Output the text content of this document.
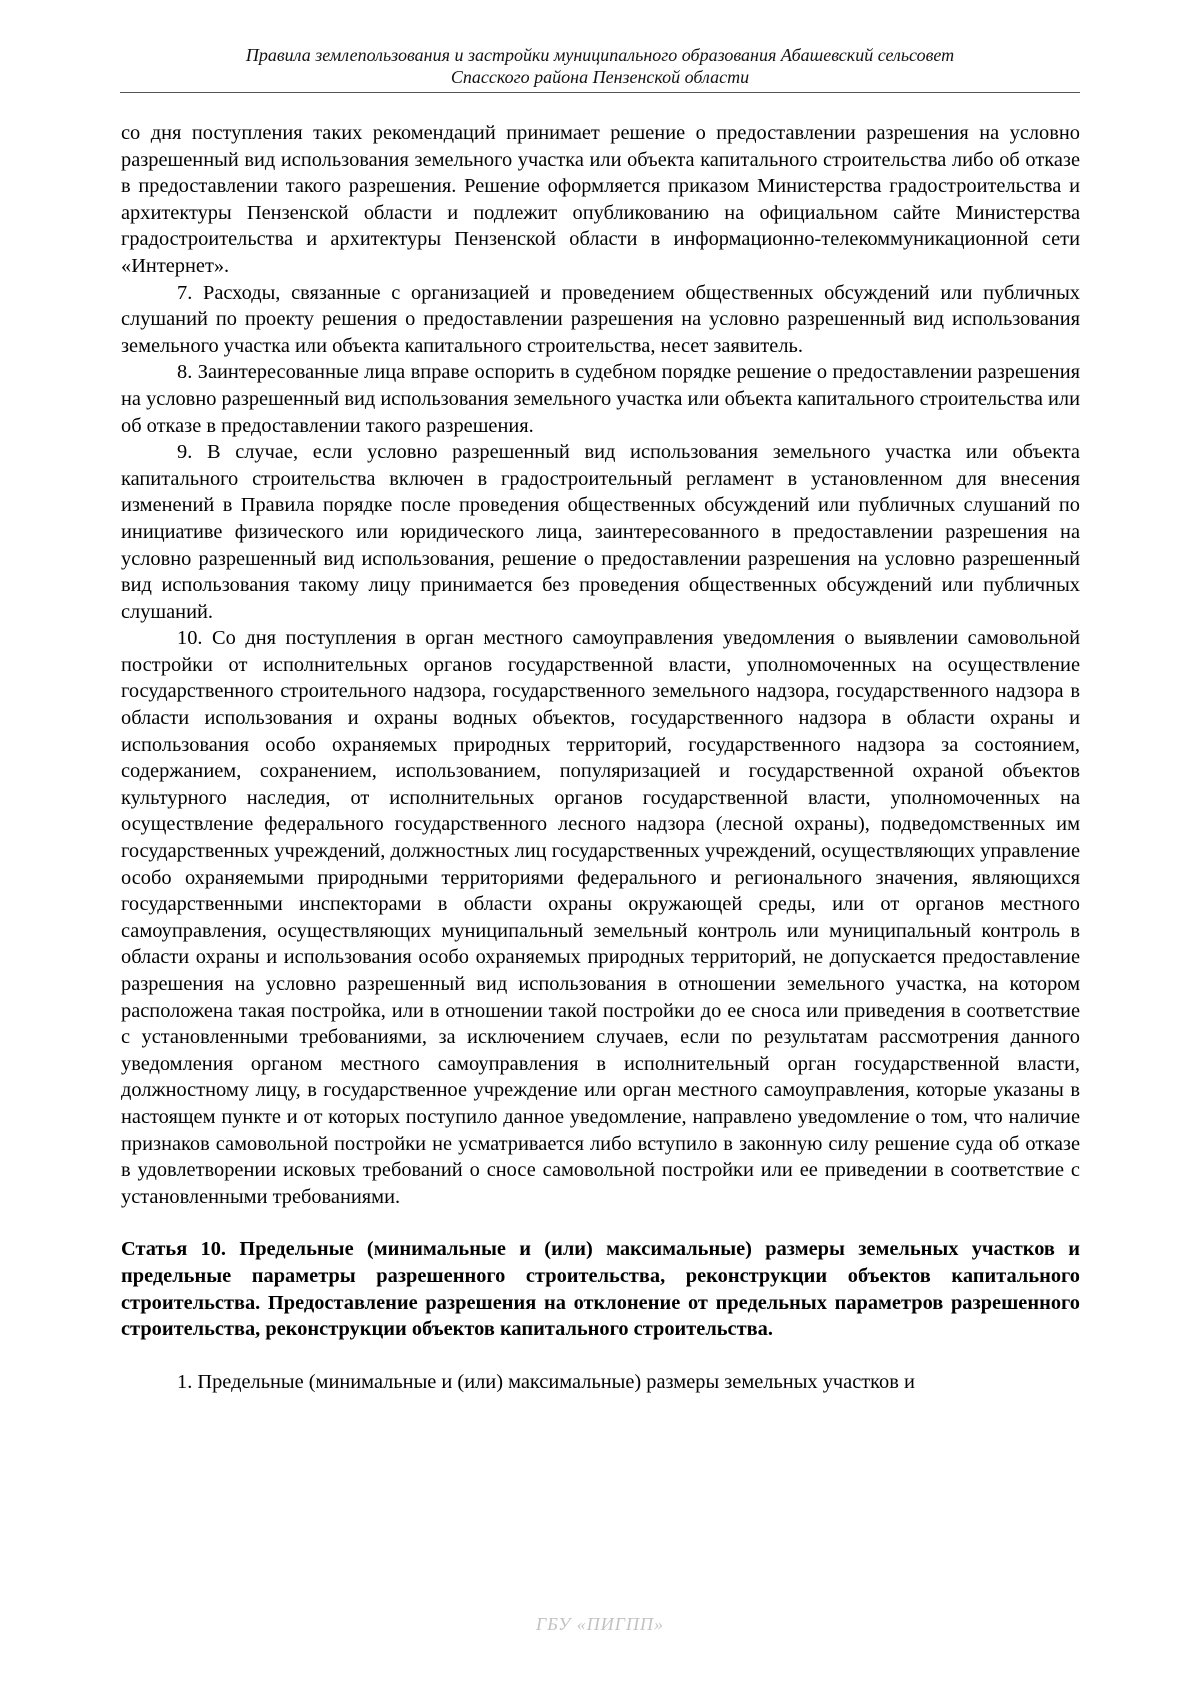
Правила землепользования и застройки муниципального образования Абашевский сельсовет
Спасского района Пензенской области

со дня поступления таких рекомендаций принимает решение о предоставлении разрешения на условно разрешенный вид использования земельного участка или объекта капитального строительства либо об отказе в предоставлении такого разрешения. Решение оформляется приказом Министерства градостроительства и архитектуры Пензенской области и подлежит опубликованию на официальном сайте Министерства градостроительства и архитектуры Пензенской области в информационно-телекоммуникационной сети «Интернет».

7. Расходы, связанные с организацией и проведением общественных обсуждений или публичных слушаний по проекту решения о предоставлении разрешения на условно разрешенный вид использования земельного участка или объекта капитального строительства, несет заявитель.

8. Заинтересованные лица вправе оспорить в судебном порядке решение о предоставлении разрешения на условно разрешенный вид использования земельного участка или объекта капитального строительства или об отказе в предоставлении такого разрешения.

9. В случае, если условно разрешенный вид использования земельного участка или объекта капитального строительства включен в градостроительный регламент в установленном для внесения изменений в Правила порядке после проведения общественных обсуждений или публичных слушаний по инициативе физического или юридического лица, заинтересованного в предоставлении разрешения на условно разрешенный вид использования, решение о предоставлении разрешения на условно разрешенный вид использования такому лицу принимается без проведения общественных обсуждений или публичных слушаний.

10. Со дня поступления в орган местного самоуправления уведомления о выявлении самовольной постройки от исполнительных органов государственной власти, уполномоченных на осуществление государственного строительного надзора, государственного земельного надзора, государственного надзора в области использования и охраны водных объектов, государственного надзора в области охраны и использования особо охраняемых природных территорий, государственного надзора за состоянием, содержанием, сохранением, использованием, популяризацией и государственной охраной объектов культурного наследия, от исполнительных органов государственной власти, уполномоченных на осуществление федерального государственного лесного надзора (лесной охраны), подведомственных им государственных учреждений, должностных лиц государственных учреждений, осуществляющих управление особо охраняемыми природными территориями федерального и регионального значения, являющихся государственными инспекторами в области охраны окружающей среды, или от органов местного самоуправления, осуществляющих муниципальный земельный контроль или муниципальный контроль в области охраны и использования особо охраняемых природных территорий, не допускается предоставление разрешения на условно разрешенный вид использования в отношении земельного участка, на котором расположена такая постройка, или в отношении такой постройки до ее сноса или приведения в соответствие с установленными требованиями, за исключением случаев, если по результатам рассмотрения данного уведомления органом местного самоуправления в исполнительный орган государственной власти, должностному лицу, в государственное учреждение или орган местного самоуправления, которые указаны в настоящем пункте и от которых поступило данное уведомление, направлено уведомление о том, что наличие признаков самовольной постройки не усматривается либо вступило в законную силу решение суда об отказе в удовлетворении исковых требований о сносе самовольной постройки или ее приведении в соответствие с установленными требованиями.

Статья 10. Предельные (минимальные и (или) максимальные) размеры земельных участков и предельные параметры разрешенного строительства, реконструкции объектов капитального строительства. Предоставление разрешения на отклонение от предельных параметров разрешенного строительства, реконструкции объектов капитального строительства.

1. Предельные (минимальные и (или) максимальные) размеры земельных участков и

ГБУ «ПИГПП»
